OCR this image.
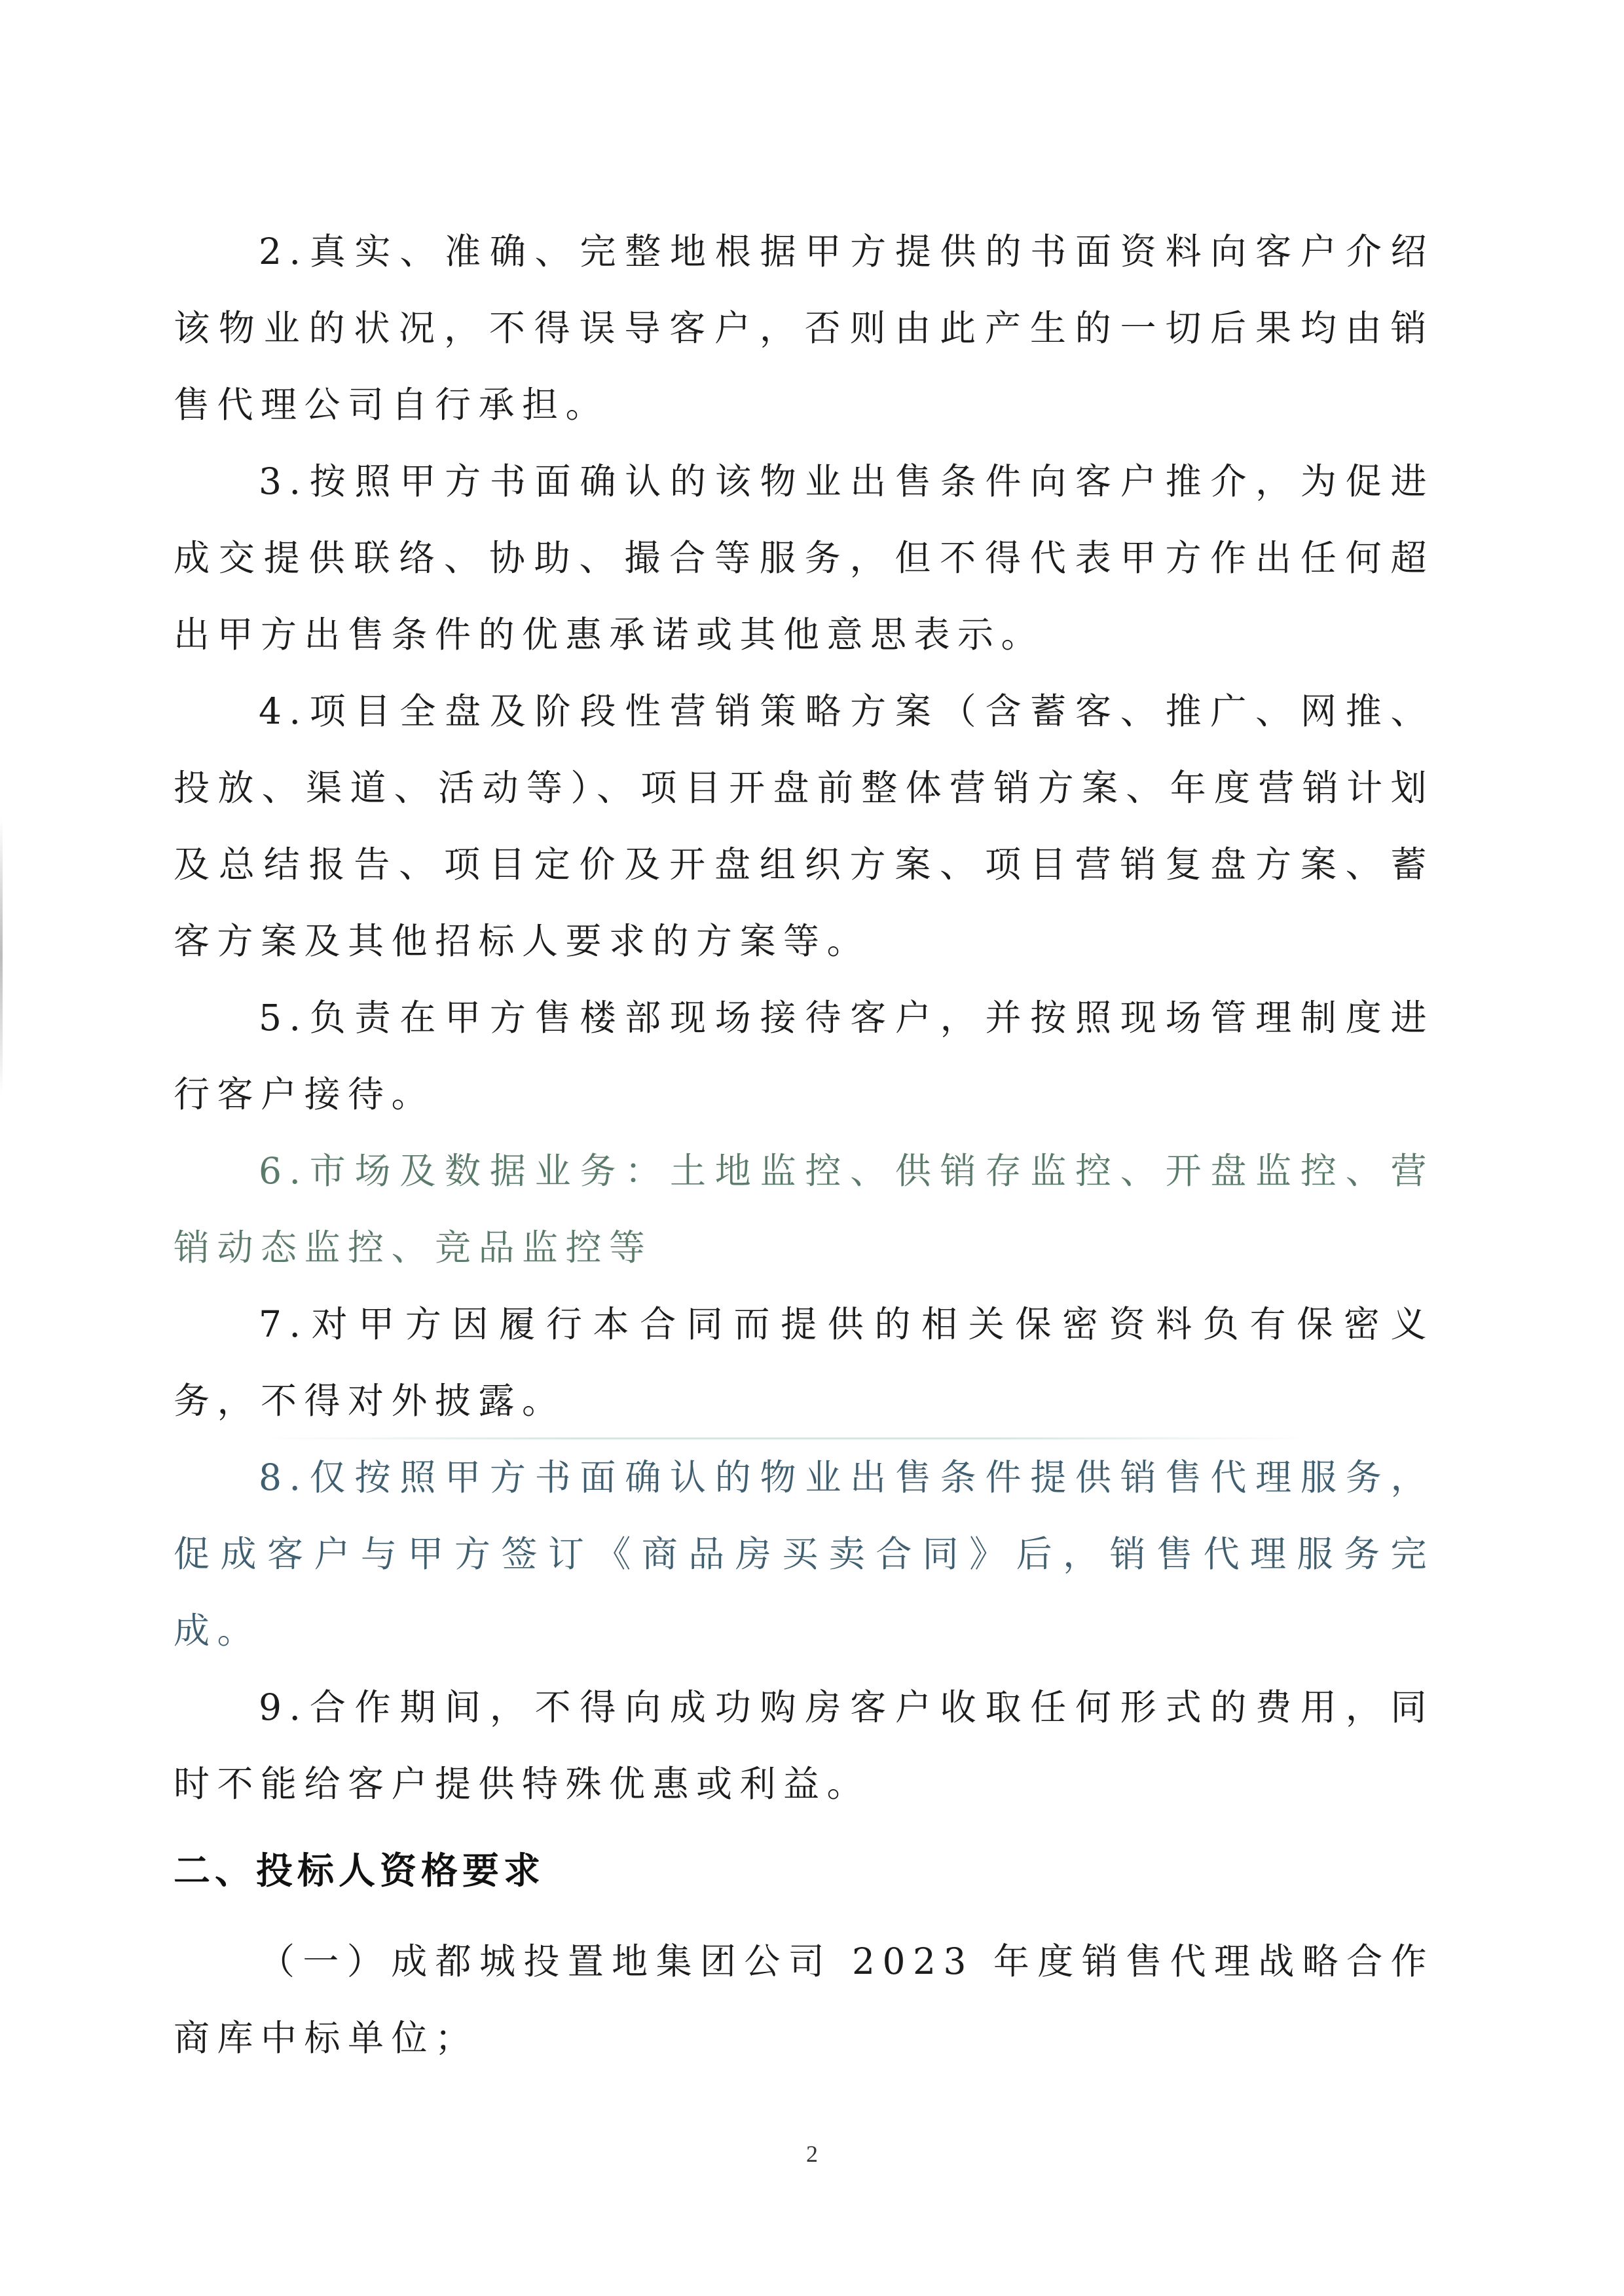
2.真实、准确、完整地根据甲方提供的书面资料向客户介绍该物业的状况，不得误导客户，否则由此产生的一切后果均由销售代理公司自行承担。

3.按照甲方书面确认的该物业出售条件向客户推介，为促进成交提供联络、协助、撮合等服务，但不得代表甲方作出任何超出甲方出售条件的优惠承诺或其他意思表示。

4.项目全盘及阶段性营销策略方案（含蓄客、推广、网推、投放、渠道、活动等）、项目开盘前整体营销方案、年度营销计划及总结报告、项目定价及开盘组织方案、项目营销复盘方案、蓄客方案及其他招标人要求的方案等。

5.负责在甲方售楼部现场接待客户，并按照现场管理制度进行客户接待。

6.市场及数据业务：土地监控、供销存监控、开盘监控、营销动态监控、竞品监控等

7.对甲方因履行本合同而提供的相关保密资料负有保密义务，不得对外披露。

8.仅按照甲方书面确认的物业出售条件提供销售代理服务，促成客户与甲方签订《商品房买卖合同》后，销售代理服务完成。

9.合作期间，不得向成功购房客户收取任何形式的费用，同时不能给客户提供特殊优惠或利益。

二、投标人资格要求

（一）成都城投置地集团公司 2023 年度销售代理战略合作商库中标单位；

2
